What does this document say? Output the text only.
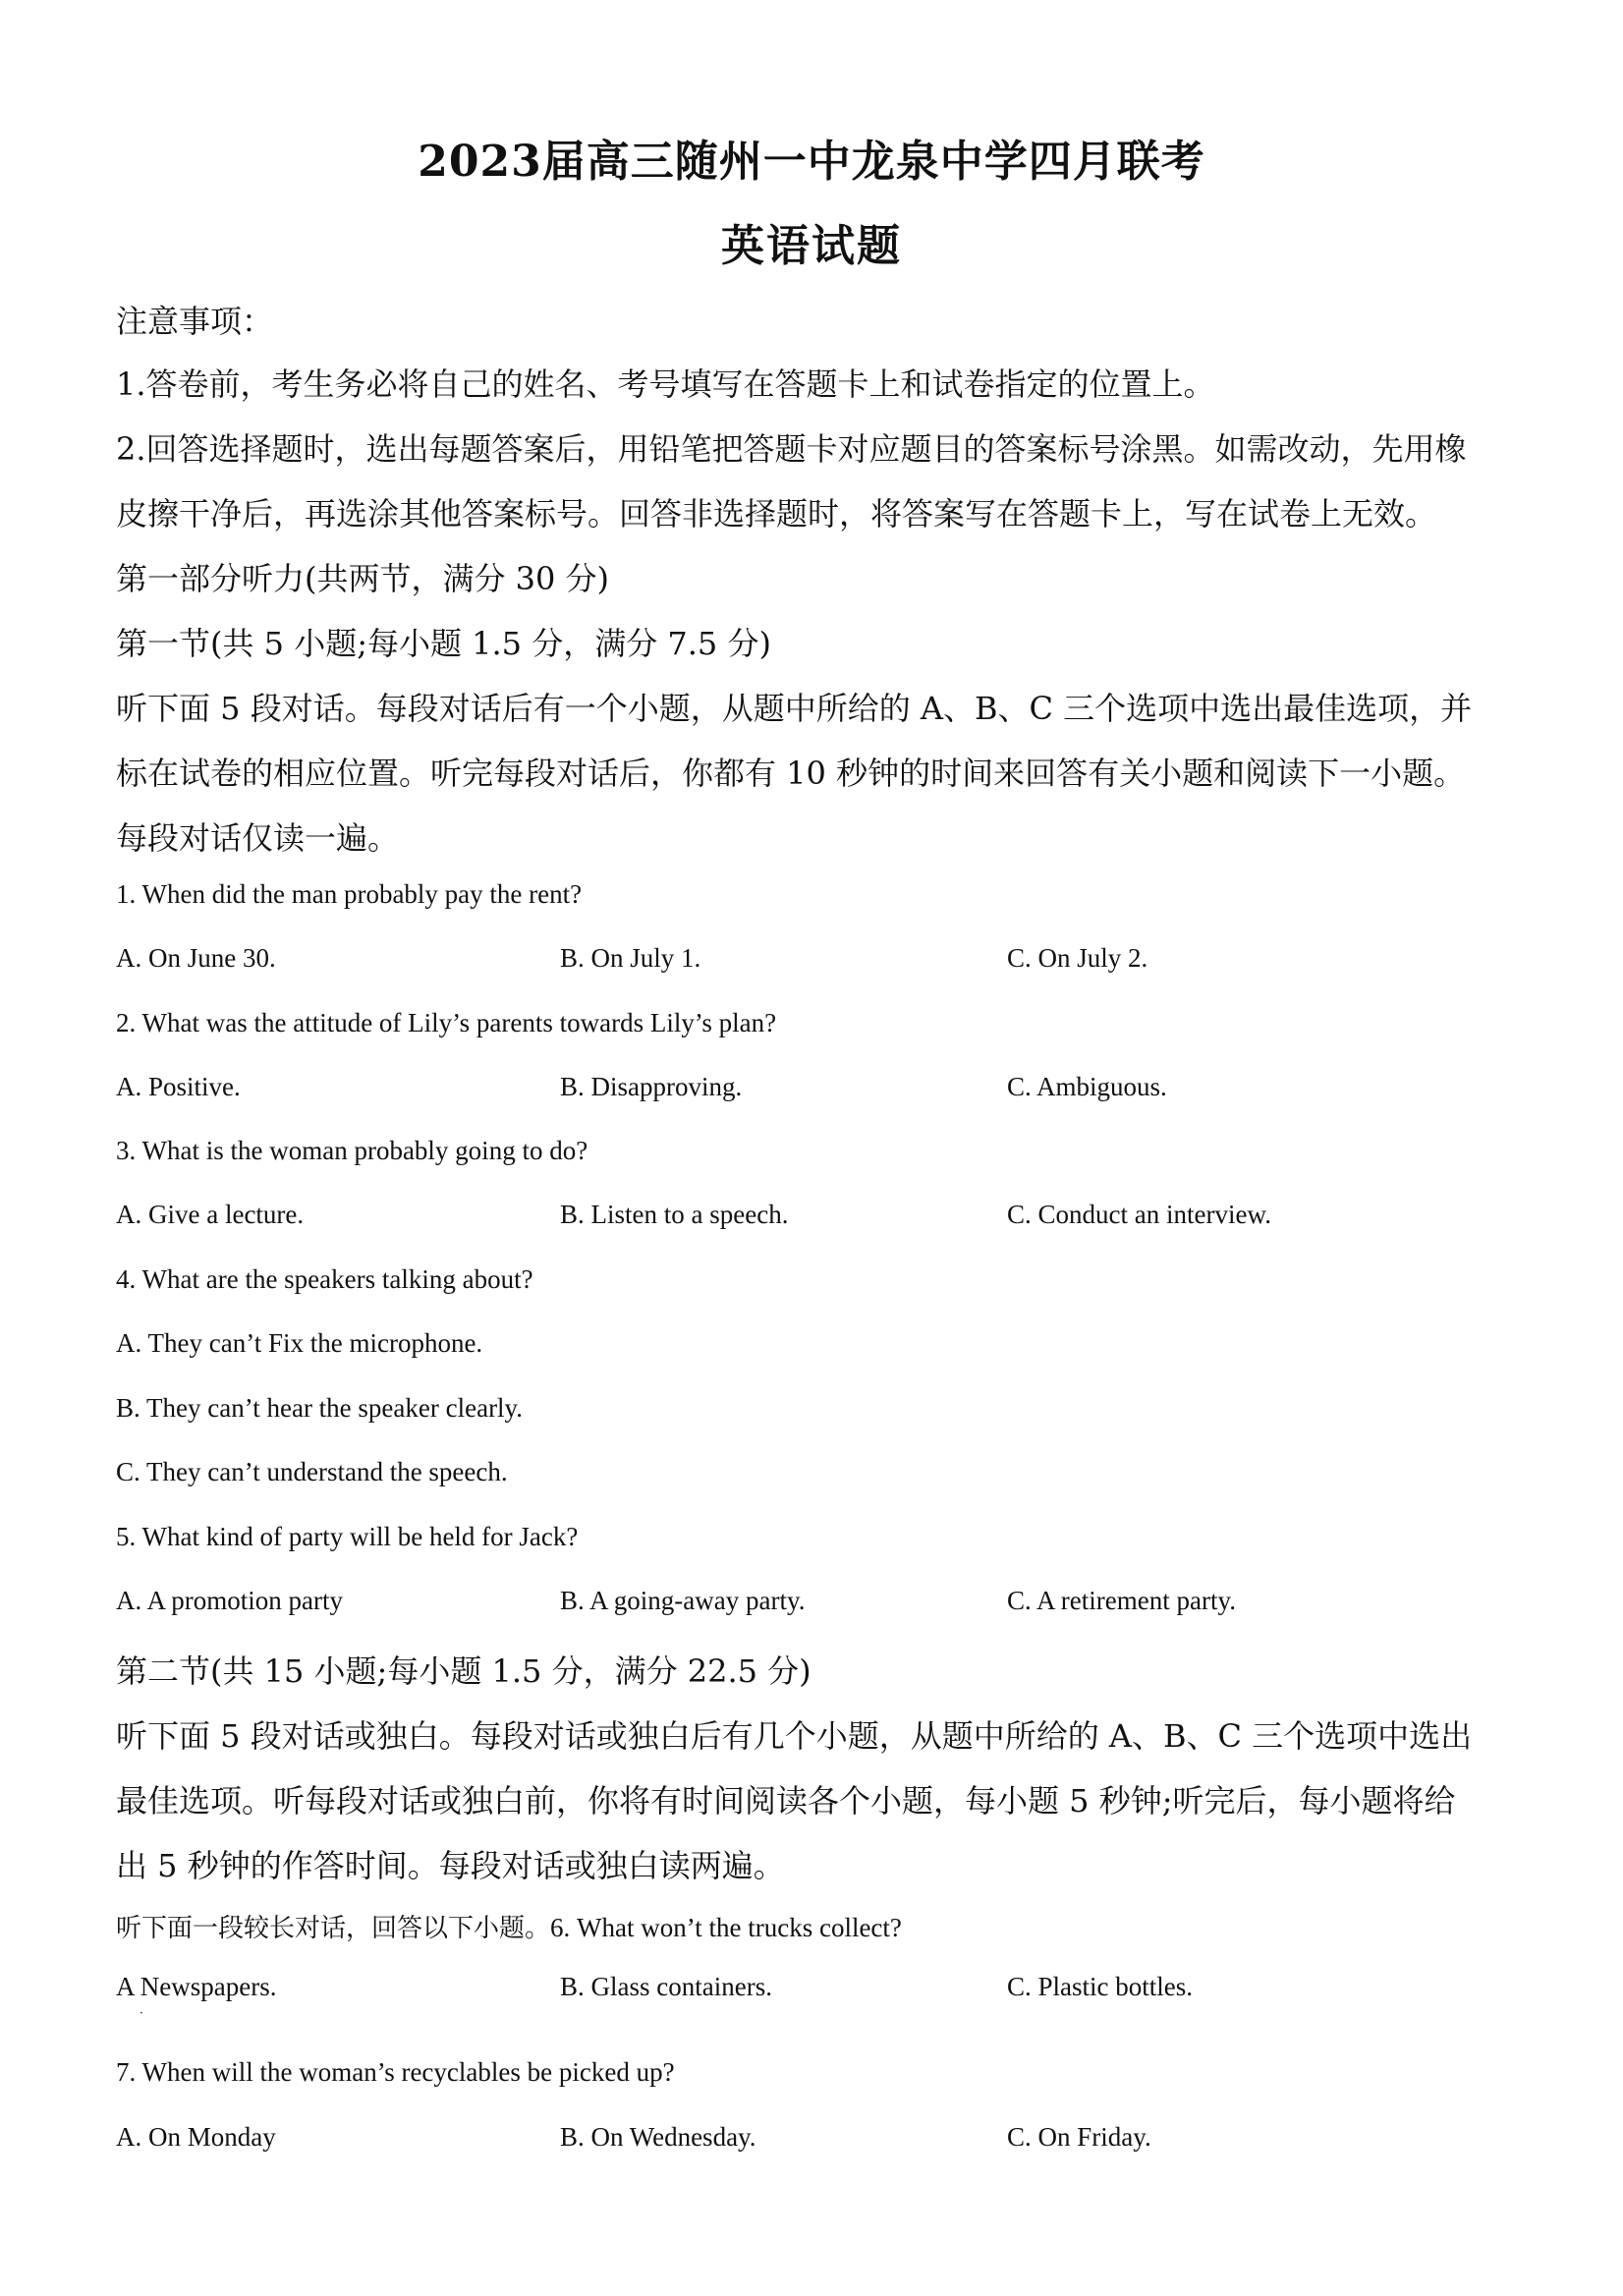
2023届高三随州一中龙泉中学四月联考
英语试题
注意事项：
1.答卷前，考生务必将自己的姓名、考号填写在答题卡上和试卷指定的位置上。
2.回答选择题时，选出每题答案后，用铅笔把答题卡对应题目的答案标号涂黑。如需改动，先用橡
皮擦干净后，再选涂其他答案标号。回答非选择题时，将答案写在答题卡上，写在试卷上无效。
第一部分听力(共两节，满分 30 分)
第一节(共 5 小题;每小题 1.5 分，满分 7.5 分)
听下面 5 段对话。每段对话后有一个小题，从题中所给的 A、B、C 三个选项中选出最佳选项，并
标在试卷的相应位置。听完每段对话后，你都有 10 秒钟的时间来回答有关小题和阅读下一小题。
每段对话仅读一遍。
1. When did the man probably pay the rent?
A. On June 30.	B. On July 1.	C. On July 2.
2. What was the attitude of Lily’s parents towards Lily’s plan?
A. Positive.	B. Disapproving.	C. Ambiguous.
3. What is the woman probably going to do?
A. Give a lecture.	B. Listen to a speech.	C. Conduct an interview.
4. What are the speakers talking about?
A. They can’t Fix the microphone.
B. They can’t hear the speaker clearly.
C. They can’t understand the speech.
5. What kind of party will be held for Jack?
A. A promotion party	B. A going-away party.	C. A retirement party.
第二节(共 15 小题;每小题 1.5 分，满分 22.5 分)
听下面 5 段对话或独白。每段对话或独白后有几个小题，从题中所给的 A、B、C 三个选项中选出
最佳选项。听每段对话或独白前，你将有时间阅读各个小题，每小题 5 秒钟;听完后，每小题将给
出 5 秒钟的作答时间。每段对话或独白读两遍。
听下面一段较长对话，回答以下小题。6. What won’t the trucks collect?
A Newspapers.
·
B. Glass containers.	C. Plastic bottles.
7. When will the woman’s recyclables be picked up?
A. On Monday	B. On Wednesday.	C. On Friday.
